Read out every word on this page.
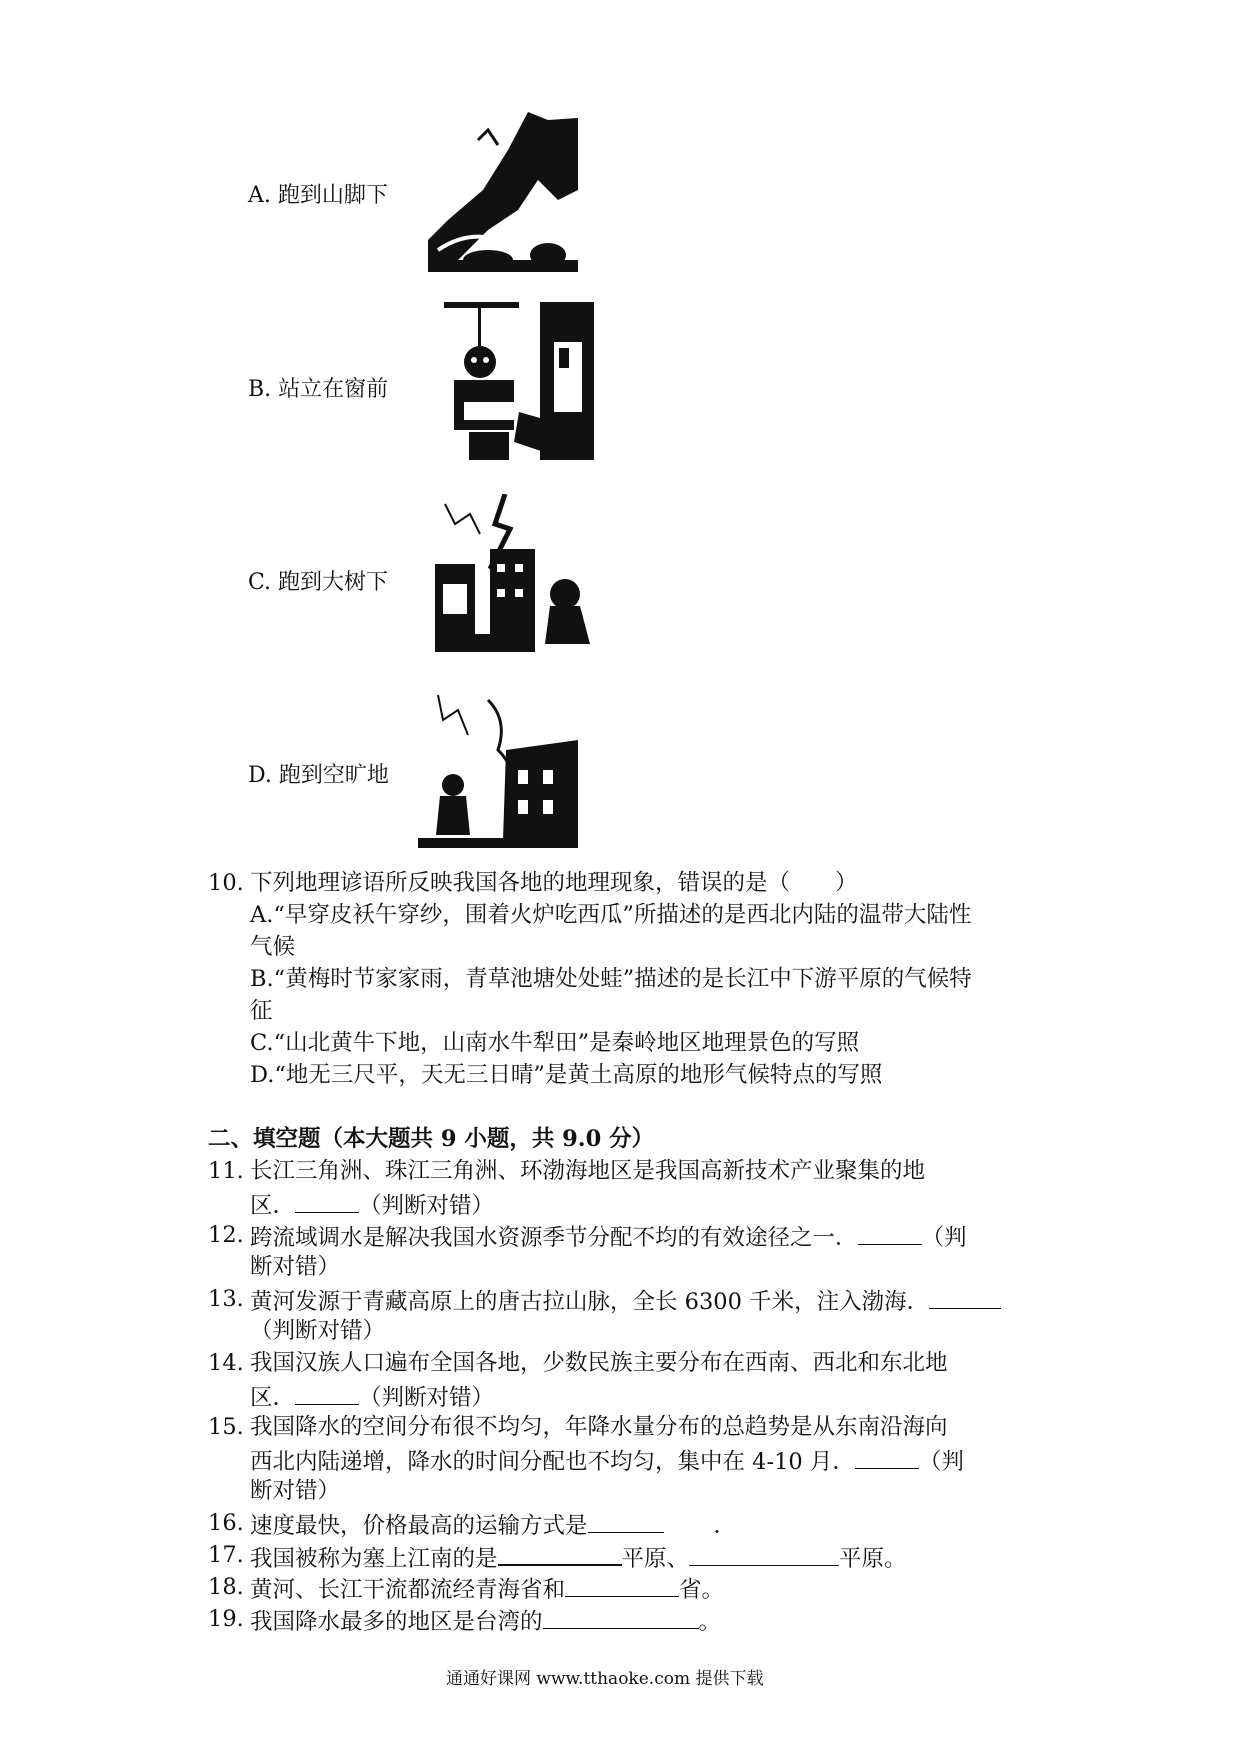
A. 跑到山脚下
B. 站立在窗前
C. 跑到大树下
D. 跑到空旷地
10. 下列地理谚语所反映我国各地的地理现象，错误的是（　　）
A.“早穿皮袄午穿纱，围着火炉吃西瓜”所描述的是西北内陆的温带大陆性
气候
B.“黄梅时节家家雨，青草池塘处处蛙”描述的是长江中下游平原的气候特
征
C.“山北黄牛下地，山南水牛犁田”是秦岭地区地理景色的写照
D.“地无三尺平，天无三日晴”是黄土高原的地形气候特点的写照
二、填空题（本大题共 9 小题，共 9.0 分）
11. 长江三角洲、珠江三角洲、环渤海地区是我国高新技术产业聚集的地
区．	（判断对错）
12. 跨流域调水是解决我国水资源季节分配不均的有效途径之一．	（判
断对错）
13. 黄河发源于青藏高原上的唐古拉山脉，全长 6300 千米，注入渤海．
（判断对错）
14. 我国汉族人口遍布全国各地，少数民族主要分布在西南、西北和东北地
区．	（判断对错）
15. 我国降水的空间分布很不均匀，年降水量分布的总趋势是从东南沿海向
西北内陆递增，降水的时间分配也不均匀，集中在 4-10 月．	（判
断对错）
16. 速度最快，价格最高的运输方式是	．
17. 我国被称为塞上江南的是	平原、	平原。
18. 黄河、长江干流都流经青海省和	省。
19. 我国降水最多的地区是台湾的	。
通通好课网 www.tthaoke.com 提供下载
